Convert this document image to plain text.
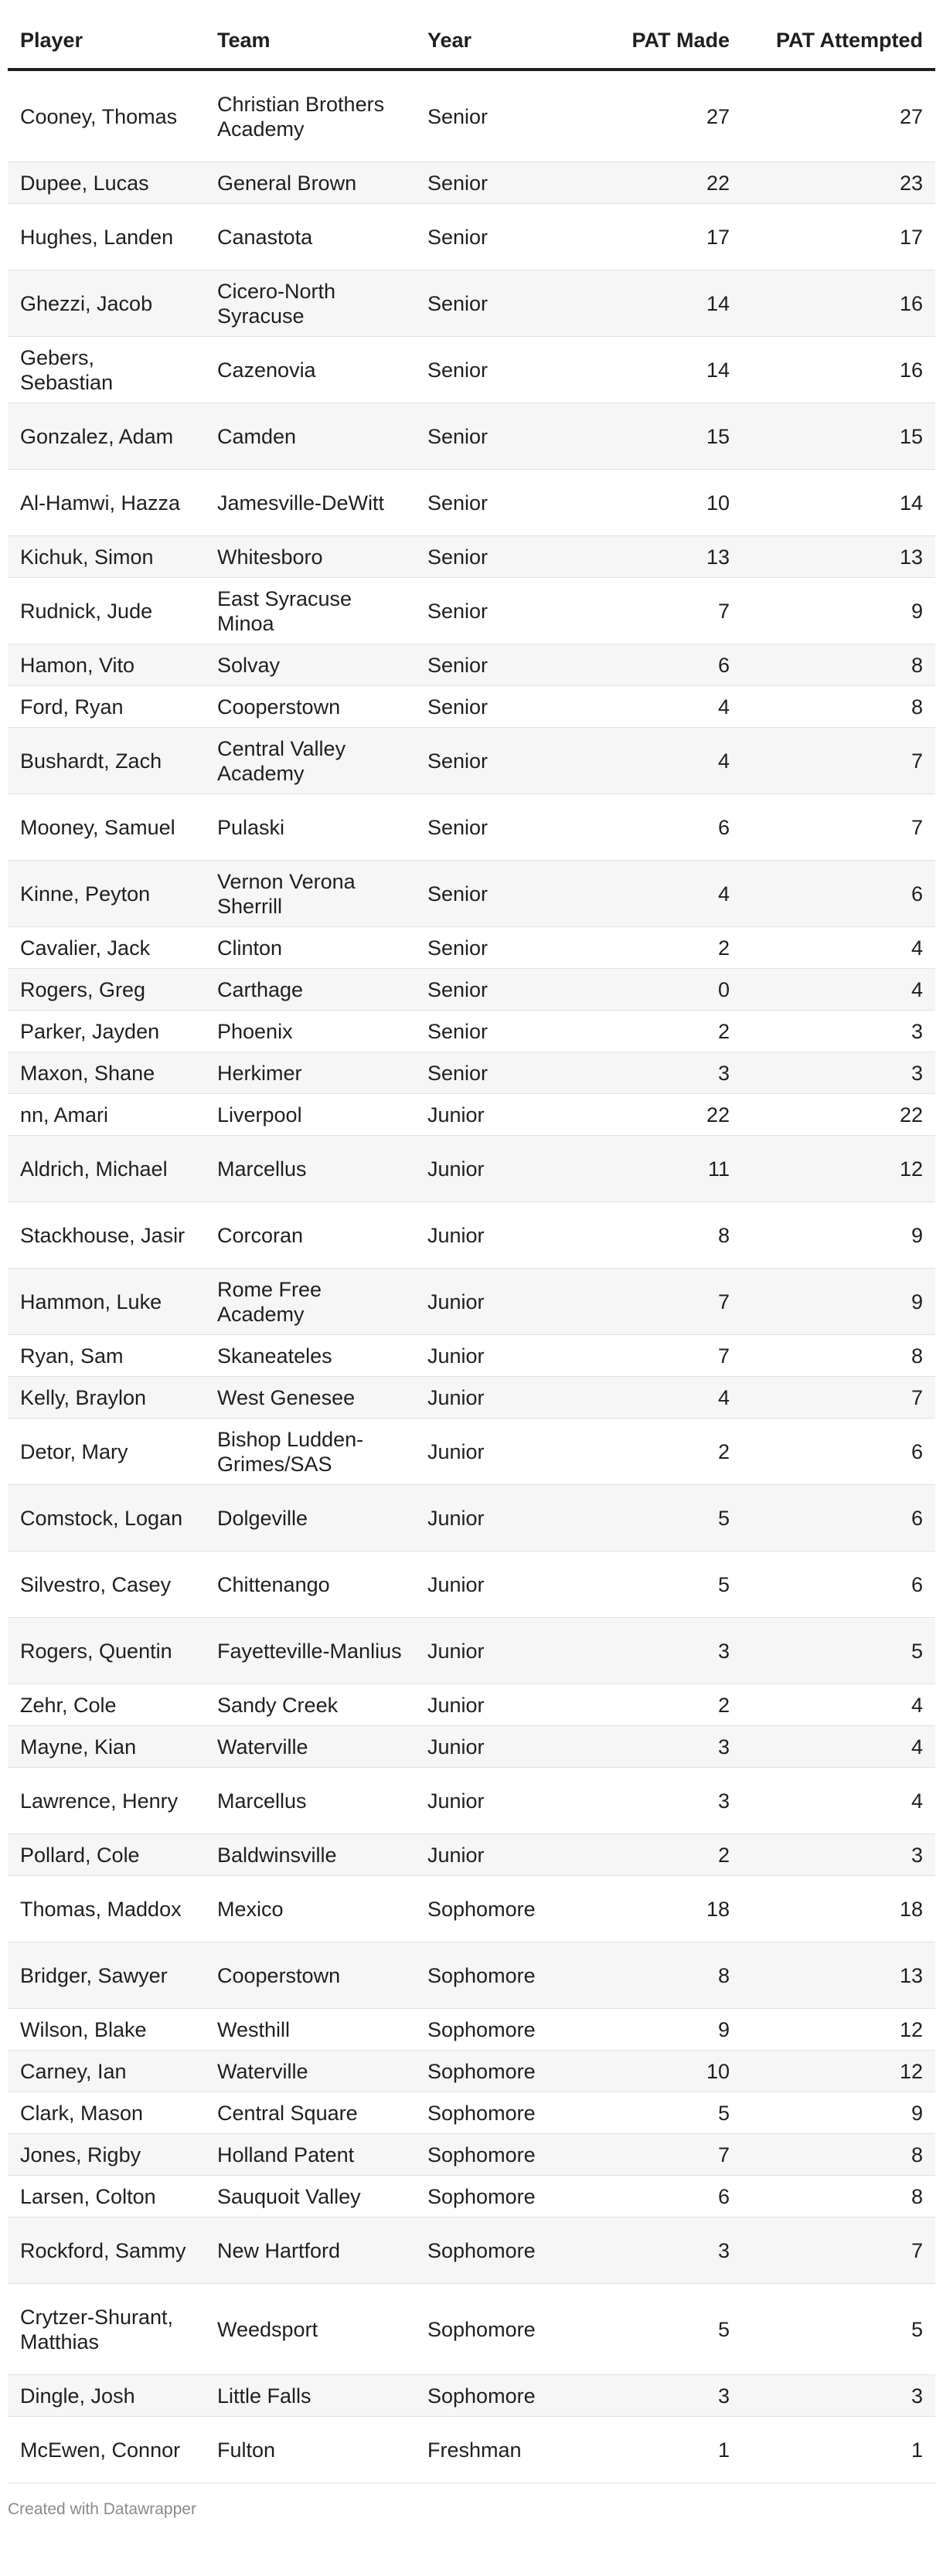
Player	Team	Year	PAT Made	PAT Attempted
Cooney, Thomas	Christian Brothers Academy	Senior	27	27
Dupee, Lucas	General Brown	Senior	22	23
Hughes, Landen	Canastota	Senior	17	17
Ghezzi, Jacob	Cicero-North Syracuse	Senior	14	16
Gebers, Sebastian	Cazenovia	Senior	14	16
Gonzalez, Adam	Camden	Senior	15	15
Al-Hamwi, Hazza	Jamesville-DeWitt	Senior	10	14
Kichuk, Simon	Whitesboro	Senior	13	13
Rudnick, Jude	East Syracuse Minoa	Senior	7	9
Hamon, Vito	Solvay	Senior	6	8
Ford, Ryan	Cooperstown	Senior	4	8
Bushardt, Zach	Central Valley Academy	Senior	4	7
Mooney, Samuel	Pulaski	Senior	6	7
Kinne, Peyton	Vernon Verona Sherrill	Senior	4	6
Cavalier, Jack	Clinton	Senior	2	4
Rogers, Greg	Carthage	Senior	0	4
Parker, Jayden	Phoenix	Senior	2	3
Maxon, Shane	Herkimer	Senior	3	3
nn, Amari	Liverpool	Junior	22	22
Aldrich, Michael	Marcellus	Junior	11	12
Stackhouse, Jasir	Corcoran	Junior	8	9
Hammon, Luke	Rome Free Academy	Junior	7	9
Ryan, Sam	Skaneateles	Junior	7	8
Kelly, Braylon	West Genesee	Junior	4	7
Detor, Mary	Bishop Ludden-Grimes/SAS	Junior	2	6
Comstock, Logan	Dolgeville	Junior	5	6
Silvestro, Casey	Chittenango	Junior	5	6
Rogers, Quentin	Fayetteville-Manlius	Junior	3	5
Zehr, Cole	Sandy Creek	Junior	2	4
Mayne, Kian	Waterville	Junior	3	4
Lawrence, Henry	Marcellus	Junior	3	4
Pollard, Cole	Baldwinsville	Junior	2	3
Thomas, Maddox	Mexico	Sophomore	18	18
Bridger, Sawyer	Cooperstown	Sophomore	8	13
Wilson, Blake	Westhill	Sophomore	9	12
Carney, Ian	Waterville	Sophomore	10	12
Clark, Mason	Central Square	Sophomore	5	9
Jones, Rigby	Holland Patent	Sophomore	7	8
Larsen, Colton	Sauquoit Valley	Sophomore	6	8
Rockford, Sammy	New Hartford	Sophomore	3	7
Crytzer-Shurant, Matthias	Weedsport	Sophomore	5	5
Dingle, Josh	Little Falls	Sophomore	3	3
McEwen, Connor	Fulton	Freshman	1	1
Created with Datawrapper
